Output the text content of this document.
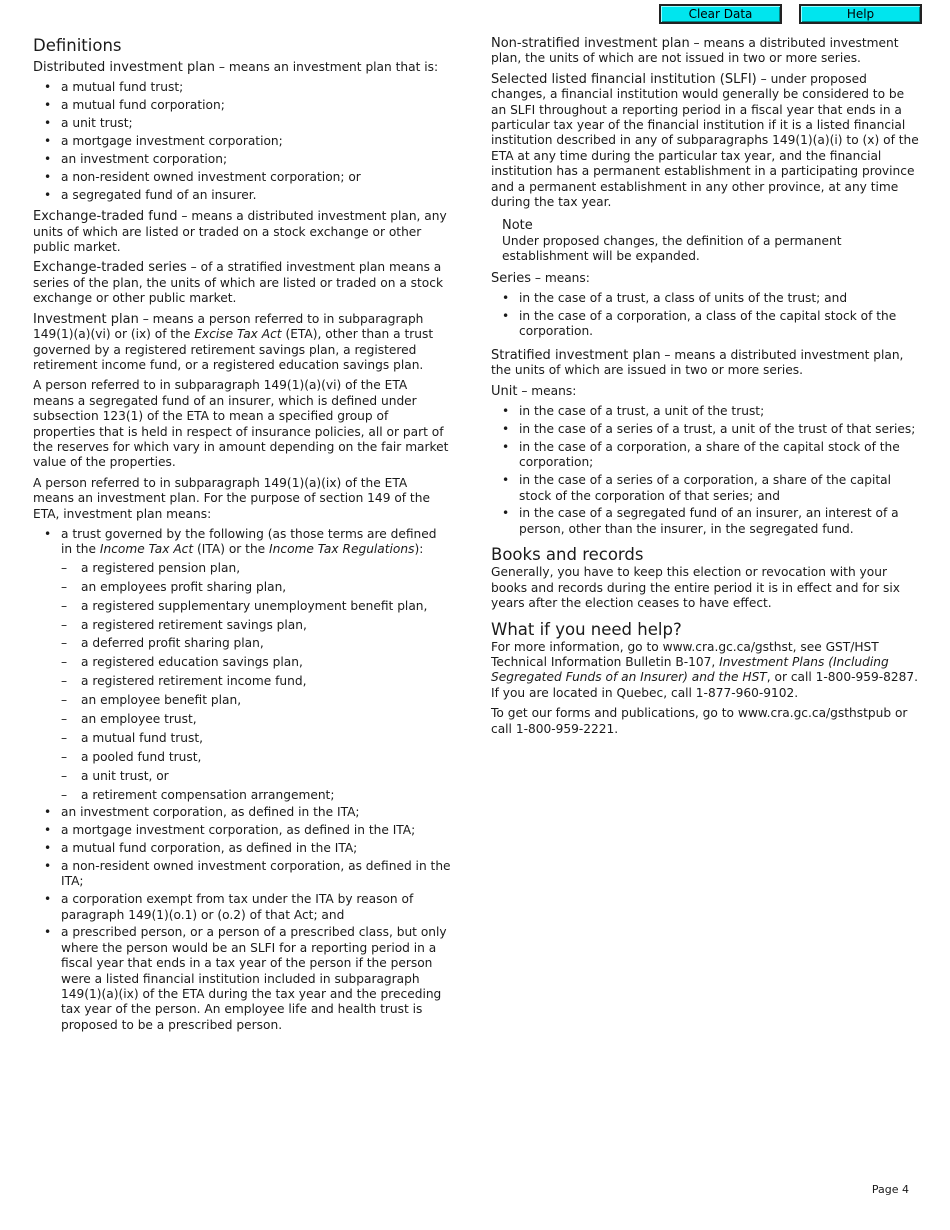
Clear Data	Help
Definitions

Distributed investment plan – means an investment plan that is:

• a mutual fund trust;
• a mutual fund corporation;
• a unit trust;
• a mortgage investment corporation;
• an investment corporation;
• a non-resident owned investment corporation; or
• a segregated fund of an insurer.

Exchange-traded fund – means a distributed investment plan, any units of which are listed or traded on a stock exchange or other public market.

Exchange-traded series – of a stratified investment plan means a series of the plan, the units of which are listed or traded on a stock exchange or other public market.

Investment plan – means a person referred to in subparagraph 149(1)(a)(vi) or (ix) of the Excise Tax Act (ETA), other than a trust governed by a registered retirement savings plan, a registered retirement income fund, or a registered education savings plan.

A person referred to in subparagraph 149(1)(a)(vi) of the ETA means a segregated fund of an insurer, which is defined under subsection 123(1) of the ETA to mean a specified group of properties that is held in respect of insurance policies, all or part of the reserves for which vary in amount depending on the fair market value of the properties.

A person referred to in subparagraph 149(1)(a)(ix) of the ETA means an investment plan. For the purpose of section 149 of the ETA, investment plan means:

• a trust governed by the following (as those terms are defined in the Income Tax Act (ITA) or the Income Tax Regulations):
– a registered pension plan,
– an employees profit sharing plan,
– a registered supplementary unemployment benefit plan,
– a registered retirement savings plan,
– a deferred profit sharing plan,
– a registered education savings plan,
– a registered retirement income fund,
– an employee benefit plan,
– an employee trust,
– a mutual fund trust,
– a pooled fund trust,
– a unit trust, or
– a retirement compensation arrangement;
• an investment corporation, as defined in the ITA;
• a mortgage investment corporation, as defined in the ITA;
• a mutual fund corporation, as defined in the ITA;
• a non-resident owned investment corporation, as defined in the ITA;
• a corporation exempt from tax under the ITA by reason of paragraph 149(1)(o.1) or (o.2) of that Act; and
• a prescribed person, or a person of a prescribed class, but only where the person would be an SLFI for a reporting period in a fiscal year that ends in a tax year of the person if the person were a listed financial institution included in subparagraph 149(1)(a)(ix) of the ETA during the tax year and the preceding tax year of the person. An employee life and health trust is proposed to be a prescribed person.

Non-stratified investment plan – means a distributed investment plan, the units of which are not issued in two or more series.

Selected listed financial institution (SLFI) – under proposed changes, a financial institution would generally be considered to be an SLFI throughout a reporting period in a fiscal year that ends in a particular tax year of the financial institution if it is a listed financial institution described in any of subparagraphs 149(1)(a)(i) to (x) of the ETA at any time during the particular tax year, and the financial institution has a permanent establishment in a participating province and a permanent establishment in any other province, at any time during the tax year.

Note
Under proposed changes, the definition of a permanent establishment will be expanded.

Series – means:

• in the case of a trust, a class of units of the trust; and
• in the case of a corporation, a class of the capital stock of the corporation.

Stratified investment plan – means a distributed investment plan, the units of which are issued in two or more series.

Unit – means:

• in the case of a trust, a unit of the trust;
• in the case of a series of a trust, a unit of the trust of that series;
• in the case of a corporation, a share of the capital stock of the corporation;
• in the case of a series of a corporation, a share of the capital stock of the corporation of that series; and
• in the case of a segregated fund of an insurer, an interest of a person, other than the insurer, in the segregated fund.
Books and records

Generally, you have to keep this election or revocation with your books and records during the entire period it is in effect and for six years after the election ceases to have effect.

What if you need help?

For more information, go to www.cra.gc.ca/gsthst, see GST/HST Technical Information Bulletin B-107, Investment Plans (Including Segregated Funds of an Insurer) and the HST, or call 1-800-959-8287. If you are located in Quebec, call 1-877-960-9102.

To get our forms and publications, go to www.cra.gc.ca/gsthstpub or call 1-800-959-2221.

Page 4
